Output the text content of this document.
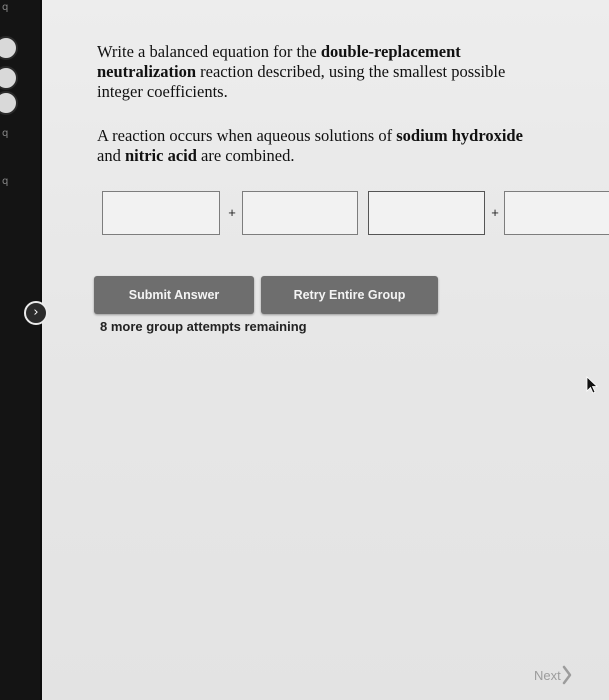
q
q
q
›
Write a balanced equation for the double-replacement neutralization reaction described, using the smallest possible integer coefficients.
A reaction occurs when aqueous solutions of sodium hydroxide and nitric acid are combined.
+	+
Submit Answer	Retry Entire Group
8 more group attempts remaining
Next
